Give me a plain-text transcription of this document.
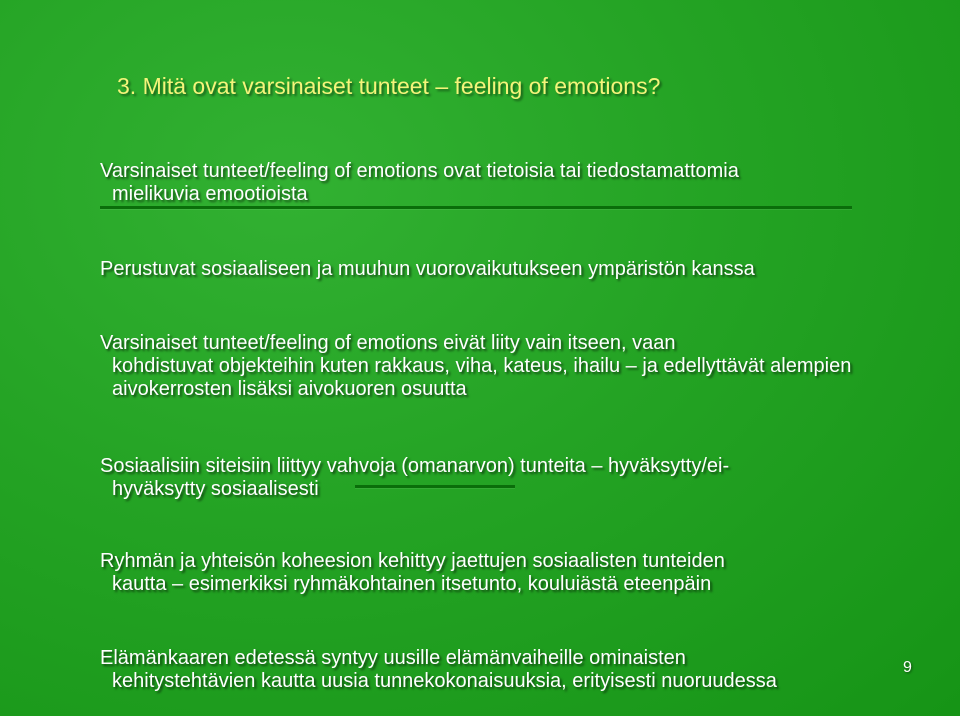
3. Mitä ovat varsinaiset tunteet – feeling of emotions?

Varsinaiset tunteet/feeling of emotions ovat tietoisia tai tiedostamattomia
mielikuvia emootioista

Perustuvat sosiaaliseen ja muuhun vuorovaikutukseen ympäristön kanssa

Varsinaiset tunteet/feeling of emotions eivät liity vain itseen, vaan
kohdistuvat objekteihin kuten rakkaus, viha, kateus, ihailu – ja edellyttävät alempien aivokerrosten lisäksi aivokuoren osuutta

Sosiaalisiin siteisiin liittyy vahvoja (omanarvon) tunteita – hyväksytty/ei-
hyväksytty sosiaalisesti

Ryhmän ja yhteisön koheesion kehittyy jaettujen sosiaalisten tunteiden
kautta – esimerkiksi ryhmäkohtainen itsetunto, kouluiästä eteenpäin

Elämänkaaren edetessä syntyy uusille elämänvaiheille ominaisten
kehitystehtävien kautta uusia tunnekokonaisuuksia, erityisesti nuoruudessa

9
